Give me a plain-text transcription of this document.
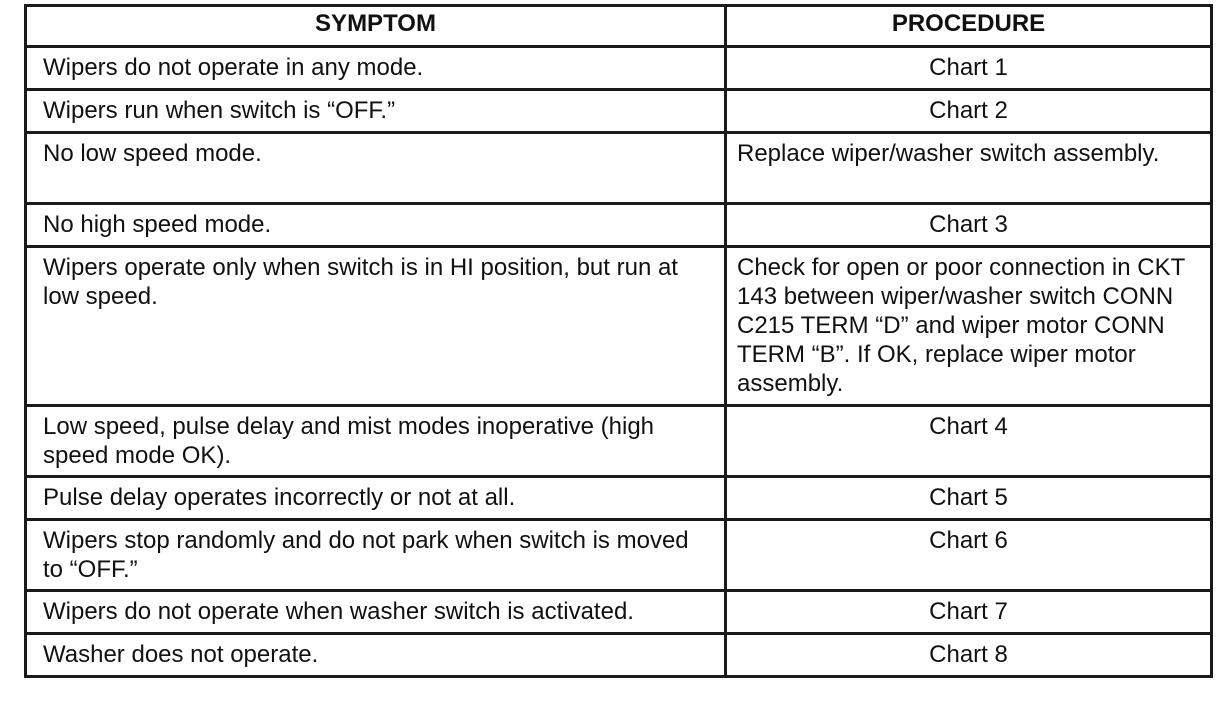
SYMPTOM	PROCEDURE
Wipers do not operate in any mode.	Chart 1
Wipers run when switch is “OFF.”	Chart 2
No low speed mode.	Replace wiper/washer switch assembly.
No high speed mode.	Chart 3
Wipers operate only when switch is in HI position, but run at low speed.	Check for open or poor connection in CKT 143 between wiper/washer switch CONN C215 TERM “D” and wiper motor CONN TERM “B”. If OK, replace wiper motor assembly.
Low speed, pulse delay and mist modes inoperative (high speed mode OK).	Chart 4
Pulse delay operates incorrectly or not at all.	Chart 5
Wipers stop randomly and do not park when switch is moved to “OFF.”	Chart 6
Wipers do not operate when washer switch is activated.	Chart 7
Washer does not operate.	Chart 8
